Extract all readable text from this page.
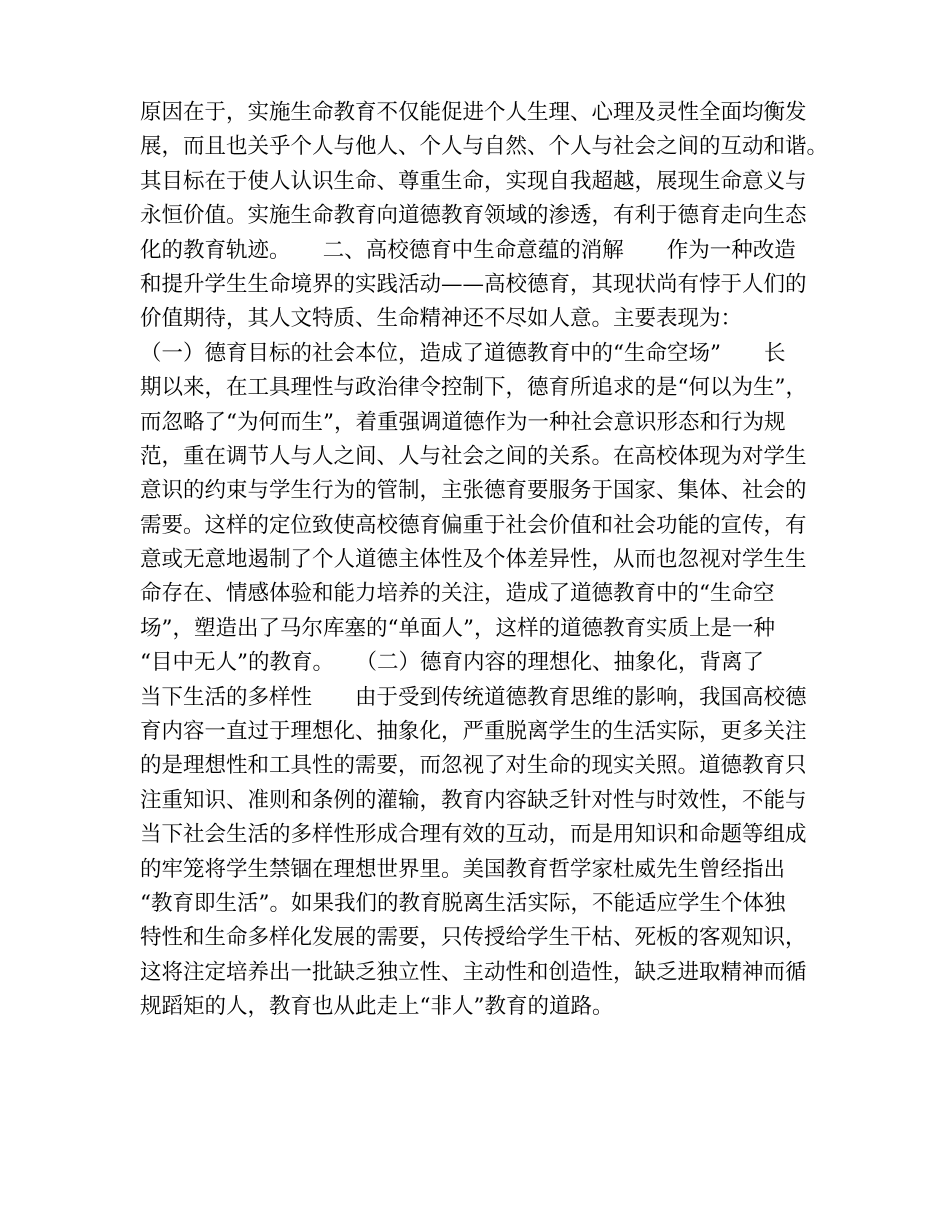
原因在于，实施生命教育不仅能促进个人生理、心理及灵性全面均衡发
展，而且也关乎个人与他人、个人与自然、个人与社会之间的互动和谐。
其目标在于使人认识生命、尊重生命，实现自我超越，展现生命意义与
永恒价值。实施生命教育向道德教育领域的渗透，有利于德育走向生态
化的教育轨迹。　　二、高校德育中生命意蕴的消解　　作为一种改造
和提升学生生命境界的实践活动——高校德育，其现状尚有悖于人们的
价值期待，其人文特质、生命精神还不尽如人意。主要表现为：
（一）德育目标的社会本位，造成了道德教育中的“生命空场”　　长
期以来，在工具理性与政治律令控制下，德育所追求的是“何以为生”，
而忽略了“为何而生”，着重强调道德作为一种社会意识形态和行为规
范，重在调节人与人之间、人与社会之间的关系。在高校体现为对学生
意识的约束与学生行为的管制，主张德育要服务于国家、集体、社会的
需要。这样的定位致使高校德育偏重于社会价值和社会功能的宣传，有
意或无意地遏制了个人道德主体性及个体差异性，从而也忽视对学生生
命存在、情感体验和能力培养的关注，造成了道德教育中的“生命空
场”，塑造出了马尔库塞的“单面人”，这样的道德教育实质上是一种
“目中无人”的教育。　　（二）德育内容的理想化、抽象化，背离了
当下生活的多样性　　由于受到传统道德教育思维的影响，我国高校德
育内容一直过于理想化、抽象化，严重脱离学生的生活实际，更多关注
的是理想性和工具性的需要，而忽视了对生命的现实关照。道德教育只
注重知识、准则和条例的灌输，教育内容缺乏针对性与时效性，不能与
当下社会生活的多样性形成合理有效的互动，而是用知识和命题等组成
的牢笼将学生禁锢在理想世界里。美国教育哲学家杜威先生曾经指出
“教育即生活”。如果我们的教育脱离生活实际，不能适应学生个体独
特性和生命多样化发展的需要，只传授给学生干枯、死板的客观知识，
这将注定培养出一批缺乏独立性、主动性和创造性，缺乏进取精神而循
规蹈矩的人，教育也从此走上“非人”教育的道路。
